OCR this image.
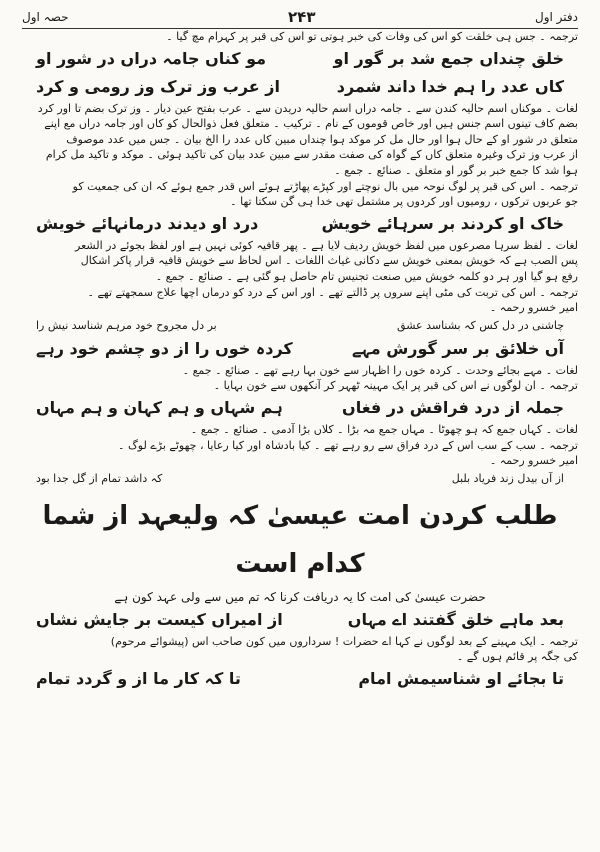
حصہ اول	۲۴۳	دفتر اول
ترجمہ ۔ جس ہی خلقت کو اس کی وفات کی خبر ہوتی تو اس کی قبر پر کہرام مچ گیا ۔
خلق چنداں جمع شد بر گور او
مو کناں جامہ دراں در شور او
کاں عدد را ہم خدا داند شمرد
از عرب وز ترک وز رومی و کرد
لغات ۔ موکناں اسم حالیہ کندن سے ۔ جامہ دراں اسم حالیہ دریدن سے ۔ عرب بفتح عین دیار ۔ وز ترک بضم تا اور کرد
بضم کاف تینوں اسم جنس ہیں اور خاص قوموں کے نام ۔ ترکیب ۔ متعلق فعل ذوالحال کو کاں اور جامہ دراں مع اپنے
متعلق در شور او کے حال ہوا اور حال مل کر موکد ہوا چنداں مبین کاں عدد را الخ بیان ۔ جس میں عدد موصوف
از عرب وز ترک وغیرہ متعلق کاں کے گواہ کی صفت مقدر سے مبین عدد بیان کی تاکید ہوئی ۔ موکد و تاکید مل کرام
ہوا شد کا جمع خبر بر گور او متعلق ۔ صنائع ۔ جمع ۔
ترجمہ ۔ اس کی قبر پر لوگ نوحہ میں بال نوچتے اور کپڑے پھاڑتے ہوئے اس قدر جمع ہوئے کہ ان کی جمعیت کو
جو عربوں ترکوں ، رومیوں اور کردوں پر مشتمل تھی خدا ہی گن سکتا تھا ۔
خاک او کردند بر سرہائے خویش
درد او دیدند درمانہائے خویش
لغات ۔ لفظ سرہا مصرعوں میں لفظ خویش ردیف لایا ہے ۔ پھر قافیہ کوئی نہیں ہے اور لفظ بجوئے در الشعر
پس الصب ہے کہ خویش بمعنی خویش سے دکانی غیاث اللغات ۔ اس لحاظ سے خویش قافیہ قرار پاکر اشکال
رفع ہو گیا اور ہر دو کلمہ خویش میں صنعت تجنیس تام حاصل ہو گئی ہے ۔ صنائع ۔ جمع ۔
ترجمہ ۔ اس کی تربت کی مٹی اپنے سروں پر ڈالتے تھے ۔ اور اس کے درد کو درماں اچھا علاج سمجھتے تھے ۔
امیر خسرو رحمہ ۔
چاشنی در دل کس کہ بشناسد عشق
بر دل مجروح خود مرہم شناسد نیش را
آں خلائق بر سر گورش مہے
کردہ خوں را از دو چشم خود رہے
لغات ۔ مہے بجائے وحدت ۔ کردہ خوں را اظہار سے خون بہا رہے تھے ۔ صنائع ۔ جمع ۔
ترجمہ ۔ ان لوگوں نے اس کی قبر پر ایک مہینہ ٹھہر کر آنکھوں سے خون بہایا ۔
جملہ از درد فراقش در فغاں
ہم شہاں و ہم کہان و ہم مہاں
لغات ۔ کہاں جمع کہ ہو چھوٹا ۔ مہاں جمع مہ بڑا ۔ کلاں بڑا آدمی ۔ صنائع ۔ جمع ۔
ترجمہ ۔ سب کے سب اس کے درد فراق سے رو رہے تھے ۔ کیا بادشاہ اور کیا رعایا ، چھوٹے بڑے لوگ ۔
امیر خسرو رحمہ ۔
از آں بیدل زند فریاد بلبل
کہ داشد تمام از گل جدا بود
طلب کردن امت عیسیٰ کہ ولیعہد از شما کدام است
حضرت عیسیٰ کی امت کا یہ دریافت کرنا کہ تم میں سے ولی عہد کون ہے
بعد ماہے خلق گفتند اے مہاں
از امیراں کیست بر جایش نشاں
ترجمہ ۔ ایک مہینے کے بعد لوگوں نے کہا اے حضرات ! سرداروں میں کون صاحب اس (پیشوائے مرحوم)
کی جگہ پر قائم ہوں گے ۔
تا بجائے او شناسیمش امام
تا کہ کار ما از و گردد تمام
